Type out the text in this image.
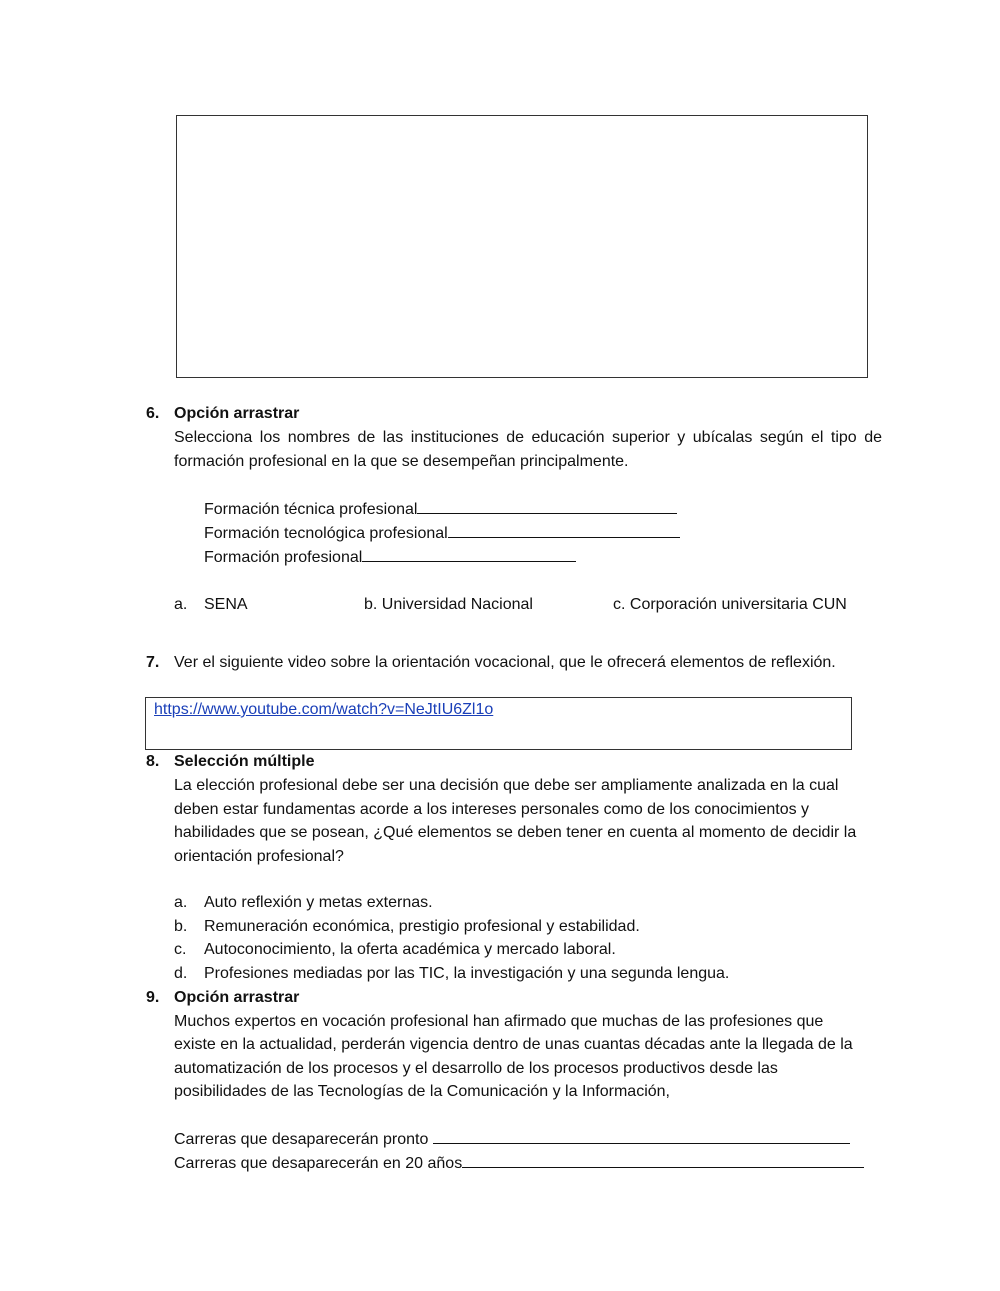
6. Opción arrastrar
Selecciona los nombres de las instituciones de educación superior y ubícalas según el tipo de
formación profesional en la que se desempeñan principalmente.
Formación técnica profesional
Formación tecnológica profesional
Formación profesional
a. SENA	b. Universidad Nacional	c. Corporación universitaria CUN
7. Ver el siguiente video sobre la orientación vocacional, que le ofrecerá elementos de reflexión.
https://www.youtube.com/watch?v=NeJtIU6Zl1o
8. Selección múltiple
La elección profesional debe ser una decisión que debe ser ampliamente analizada en la cual
deben estar fundamentas acorde a los intereses personales como de los conocimientos y
habilidades que se posean, ¿Qué elementos se deben tener en cuenta al momento de decidir la
orientación profesional?
a. Auto reflexión y metas externas.
b. Remuneración económica, prestigio profesional y estabilidad.
c. Autoconocimiento, la oferta académica y mercado laboral.
d. Profesiones mediadas por las TIC, la investigación y una segunda lengua.
9. Opción arrastrar
Muchos expertos en vocación profesional han afirmado que muchas de las profesiones que
existe en la actualidad, perderán vigencia dentro de unas cuantas décadas ante la llegada de la
automatización de los procesos y el desarrollo de los procesos productivos desde las
posibilidades de las Tecnologías de la Comunicación y la Información,
Carreras que desaparecerán pronto
Carreras que desaparecerán en 20 años
